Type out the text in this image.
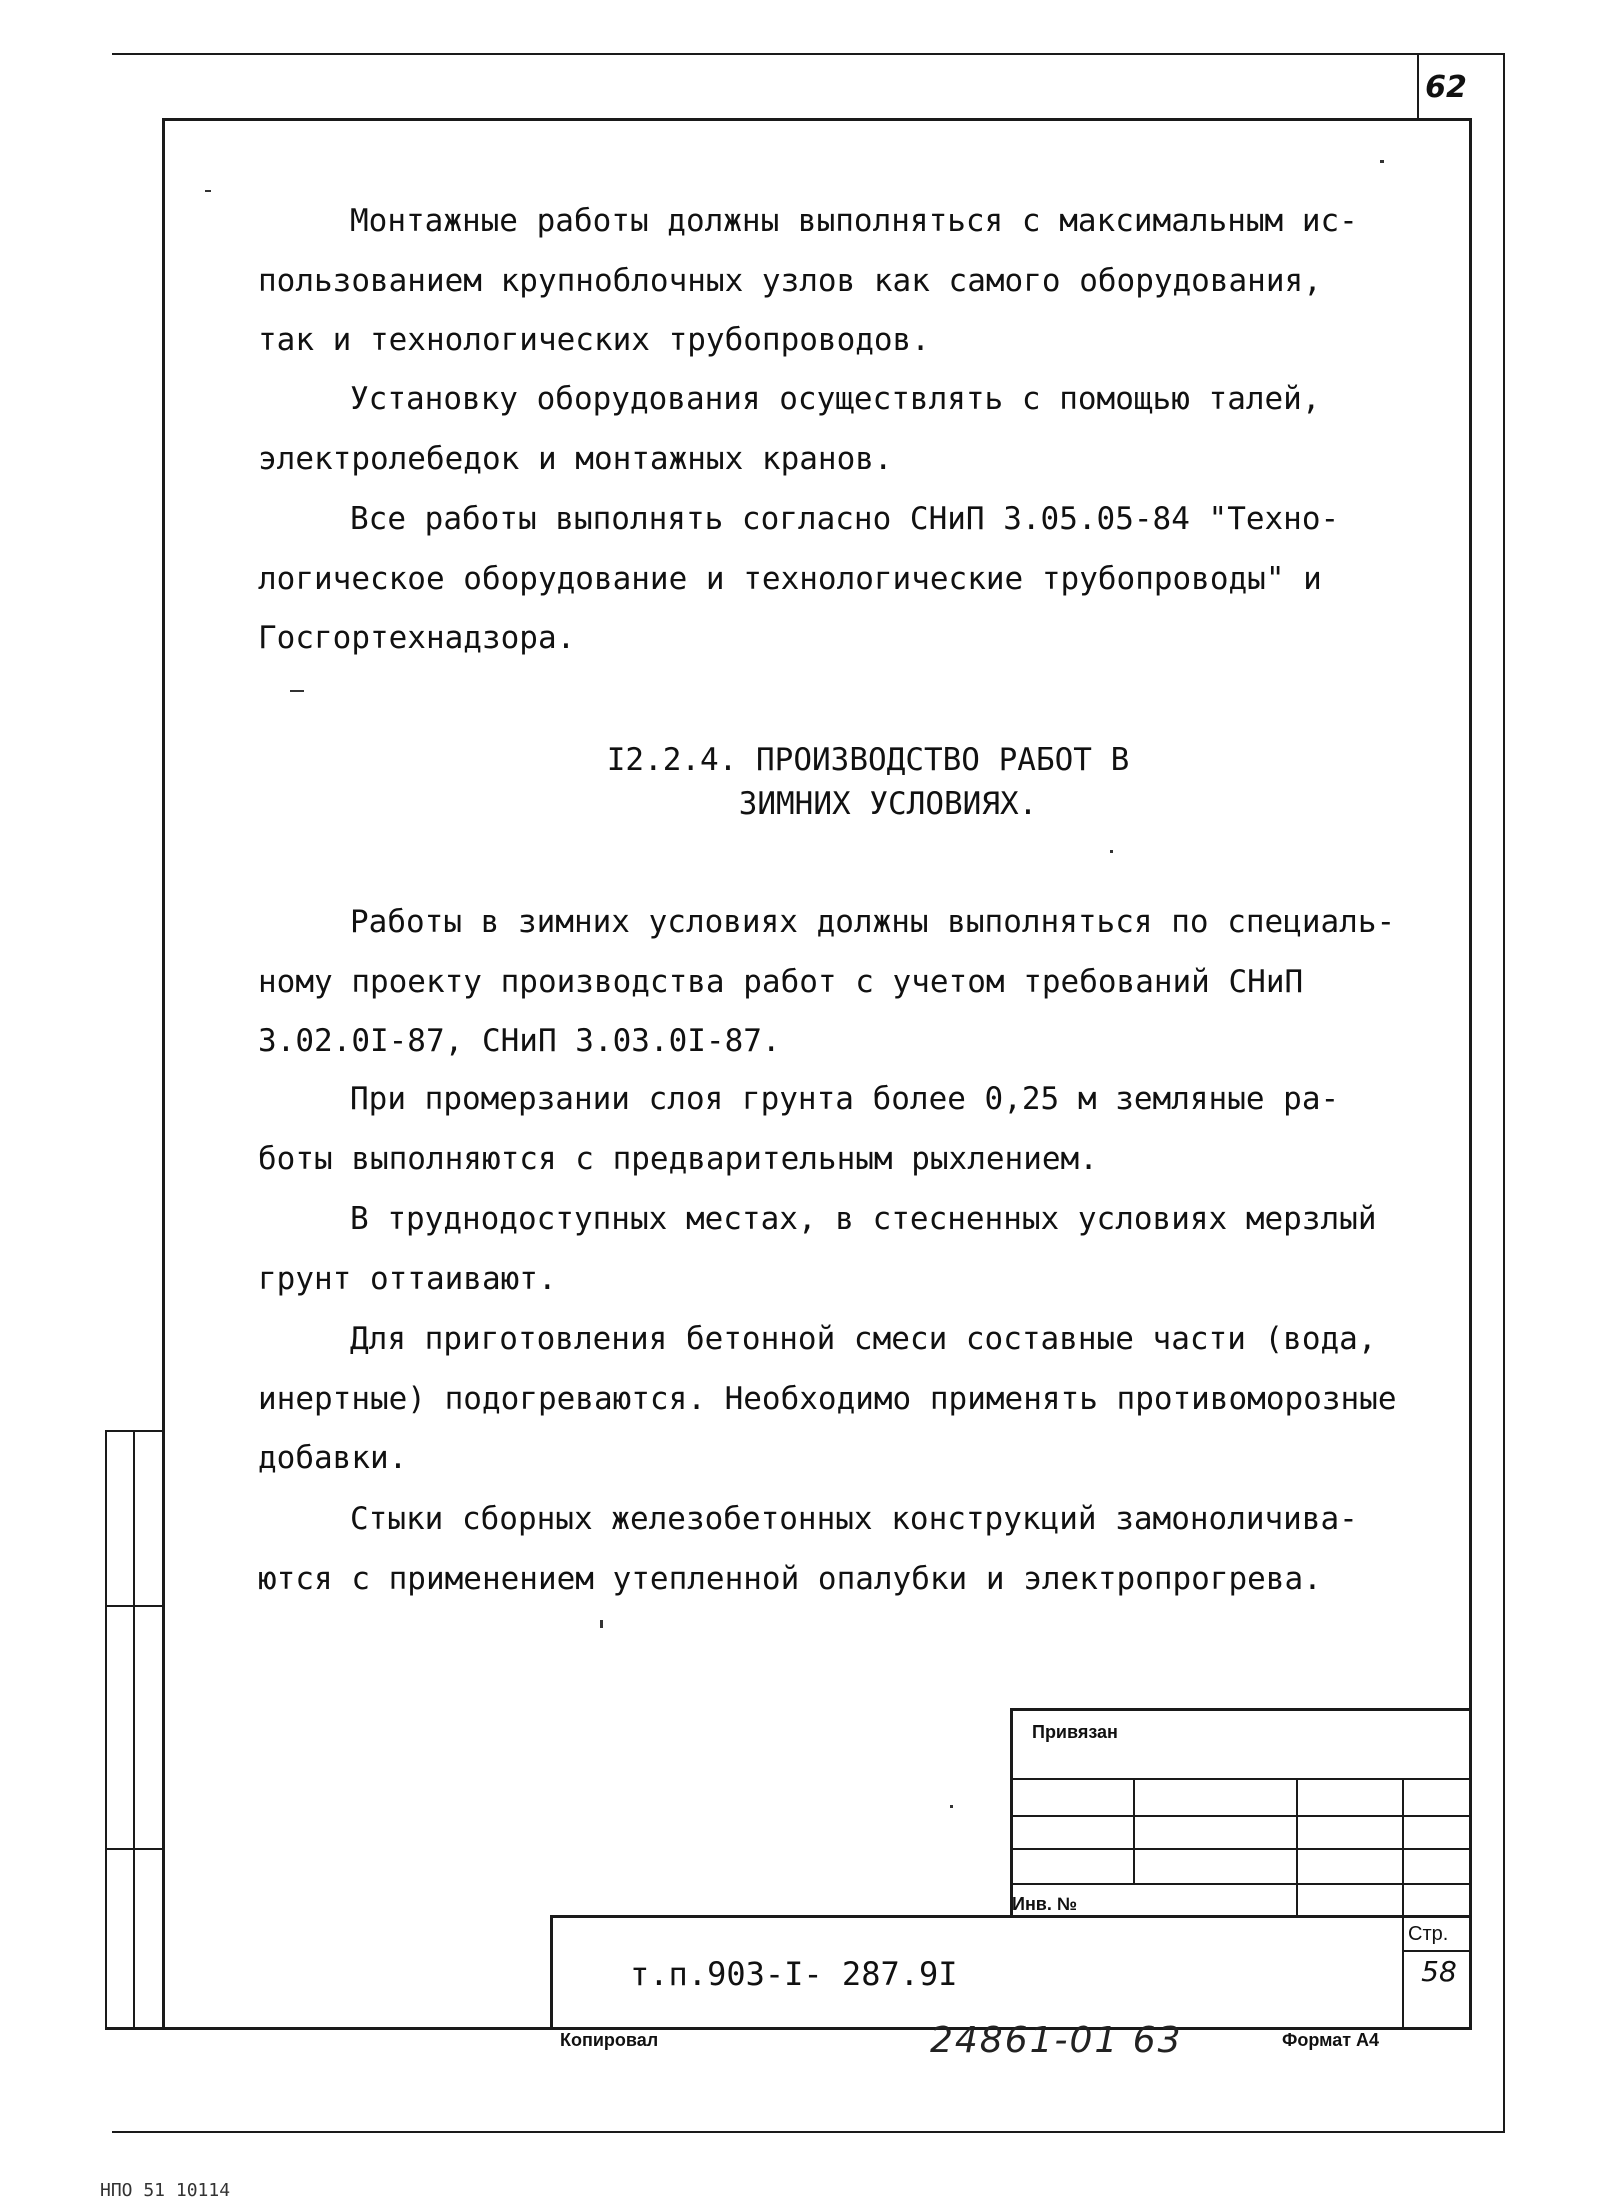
62
Монтажные работы должны выполняться с максимальным ис-
пользованием крупноблочных узлов как самого оборудования,
так и технологических трубопроводов.
Установку оборудования осуществлять с помощью талей,
электролебедок и монтажных кранов.
Все работы выполнять согласно СНиП 3.05.05-84 "Техно-
логическое оборудование и технологические трубопроводы" и
Госгортехнадзора.
I2.2.4. ПРОИЗВОДСТВО РАБОТ В
ЗИМНИХ УСЛОВИЯХ.
Работы в зимних условиях должны выполняться по специаль-
ному проекту производства работ с учетом требований СНиП
3.02.0I-87, СНиП 3.03.0I-87.
При промерзании слоя грунта более 0,25 м земляные ра-
боты выполняются с предварительным рыхлением.
В труднодоступных местах, в стесненных условиях мерзлый
грунт оттаивают.
Для приготовления бетонной смеси составные части (вода,
инертные) подогреваются. Необходимо применять противоморозные
добавки.
Стыки сборных железобетонных конструкций замоноличива-
ются с применением утепленной опалубки и электропрогрева.
Привязан
Инв. №
Стр.
58
т.п.903-I- 287.9I
Копировал	24861-01 63	Формат А4
НПО 51 10114
